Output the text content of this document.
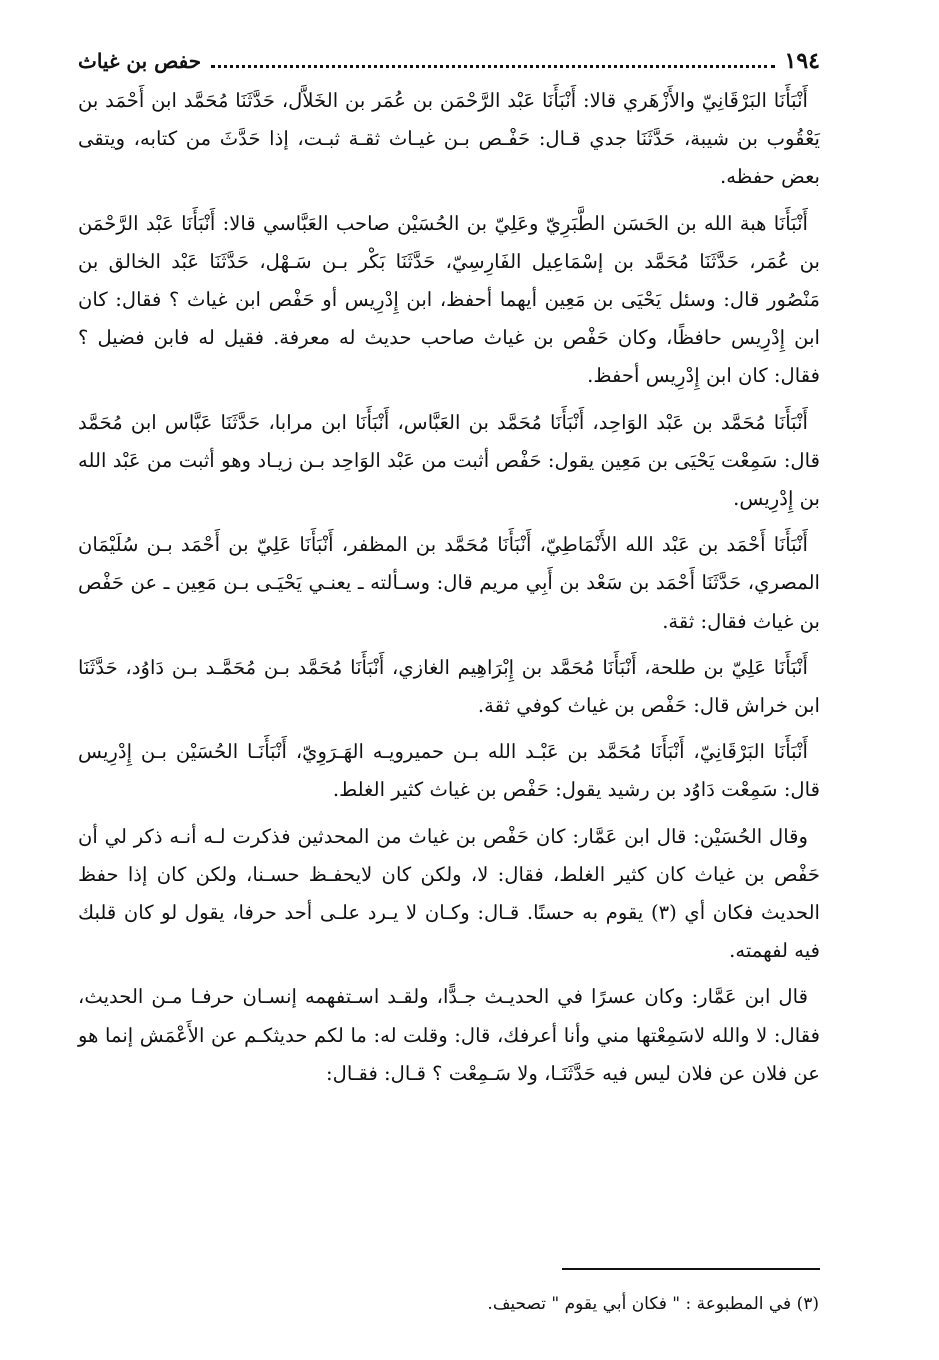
١٩٤
حفص بن غياث

أَنْبَأَنَا البَرْقَانِيّ والأَزْهَري قالا: أَنْبَأَنَا عَبْد الرَّحْمَن بن عُمَر بن الخَلاَّل، حَدَّثَنَا مُحَمَّد ابن أَحْمَد بن يَعْقُوب بن شيبة، حَدَّثَنَا جدي قـال: حَفْـص بـن غيـاث ثقـة ثبـت، إذا حَدَّثَ من كتابه، ويتقى بعض حفظه.

أَنْبَأَنَا هبة الله بن الحَسَن الطَّبَرِيّ وعَلِيّ بن الحُسَيْن صاحب العَبَّاسي قالا: أَنْبَأَنَا عَبْد الرَّحْمَن بن عُمَر، حَدَّثَنَا مُحَمَّد بن إسْمَاعِيل الفَارِسِيّ، حَدَّثَنَا بَكْر بـن سَـهْل، حَدَّثَنَا عَبْد الخالق بن مَنْصُور قال: وسئل يَحْيَى بن مَعِين أيهما أحفظ، ابن إِدْرِيس أو حَفْص ابن غياث ؟ فقال: كان ابن إِدْرِيس حافظًا، وكان حَفْص بن غياث صاحب حديث له معرفة. فقيل له فابن فضيل ؟ فقال: كان ابن إِدْرِيس أحفظ.

أَنْبَأَنَا مُحَمَّد بن عَبْد الوَاحِد، أَنْبَأَنَا مُحَمَّد بن العَبَّاس، أَنْبَأَنَا ابن مرابا، حَدَّثَنَا عَبَّاس ابن مُحَمَّد قال: سَمِعْت يَحْيَى بن مَعِين يقول: حَفْص أثبت من عَبْد الوَاحِد بـن زيـاد وهو أثبت من عَبْد الله بن إِدْرِيس.

أَنْبَأَنَا أَحْمَد بن عَبْد الله الأَنْمَاطِيّ، أَنْبَأَنَا مُحَمَّد بن المظفر، أَنْبَأَنَا عَلِيّ بن أَحْمَد بـن سُلَيْمَان المصري، حَدَّثَنَا أَحْمَد بن سَعْد بن أَبِي مريم قال: وسـألته ـ يعنـي يَحْيَـى بـن مَعِين ـ عن حَفْص بن غياث فقال: ثقة.

أَنْبَأَنَا عَلِيّ بن طلحة، أَنْبَأَنَا مُحَمَّد بن إِبْرَاهِيم الغازي، أَنْبَأَنَا مُحَمَّد بـن مُحَمَّـد بـن دَاوُد، حَدَّثَنَا ابن خراش قال: حَفْص بن غياث كوفي ثقة.

أَنْبَأَنَا البَرْقَانِيّ، أَنْبَأَنَا مُحَمَّد بن عَبْـد الله بـن حميرويـه الهَـرَوِيّ، أَنْبَأَنَـا الحُسَيْن بـن إِدْرِيس قال: سَمِعْت دَاوُد بن رشيد يقول: حَفْص بن غياث كثير الغلط.

وقال الحُسَيْن: قال ابن عَمَّار: كان حَفْص بن غياث من المحدثين فذكرت لـه أنـه ذكر لي أن حَفْص بن غياث كان كثير الغلط، فقال: لا، ولكن كان لايحفـظ حسـنا، ولكن كان إذا حفظ الحديث فكان أي (٣) يقوم به حسنًا. قـال: وكـان لا يـرد علـى أحد حرفا، يقول لو كان قلبك فيه لفهمته.

قال ابن عَمَّار: وكان عسرًا في الحديـث جـدًّا، ولقـد اسـتفهمه إنسـان حرفـا مـن الحديث، فقال: لا والله لاسَمِعْتها مني وأنا أعرفك، قال: وقلت له: ما لكم حديثكـم عن الأَعْمَش إنما هو عن فلان عن فلان ليس فيه حَدَّثَنَـا، ولا سَـمِعْت ؟ قـال: فقـال:

(٣) في المطبوعة : " فكان أبي يقوم " تصحيف.
